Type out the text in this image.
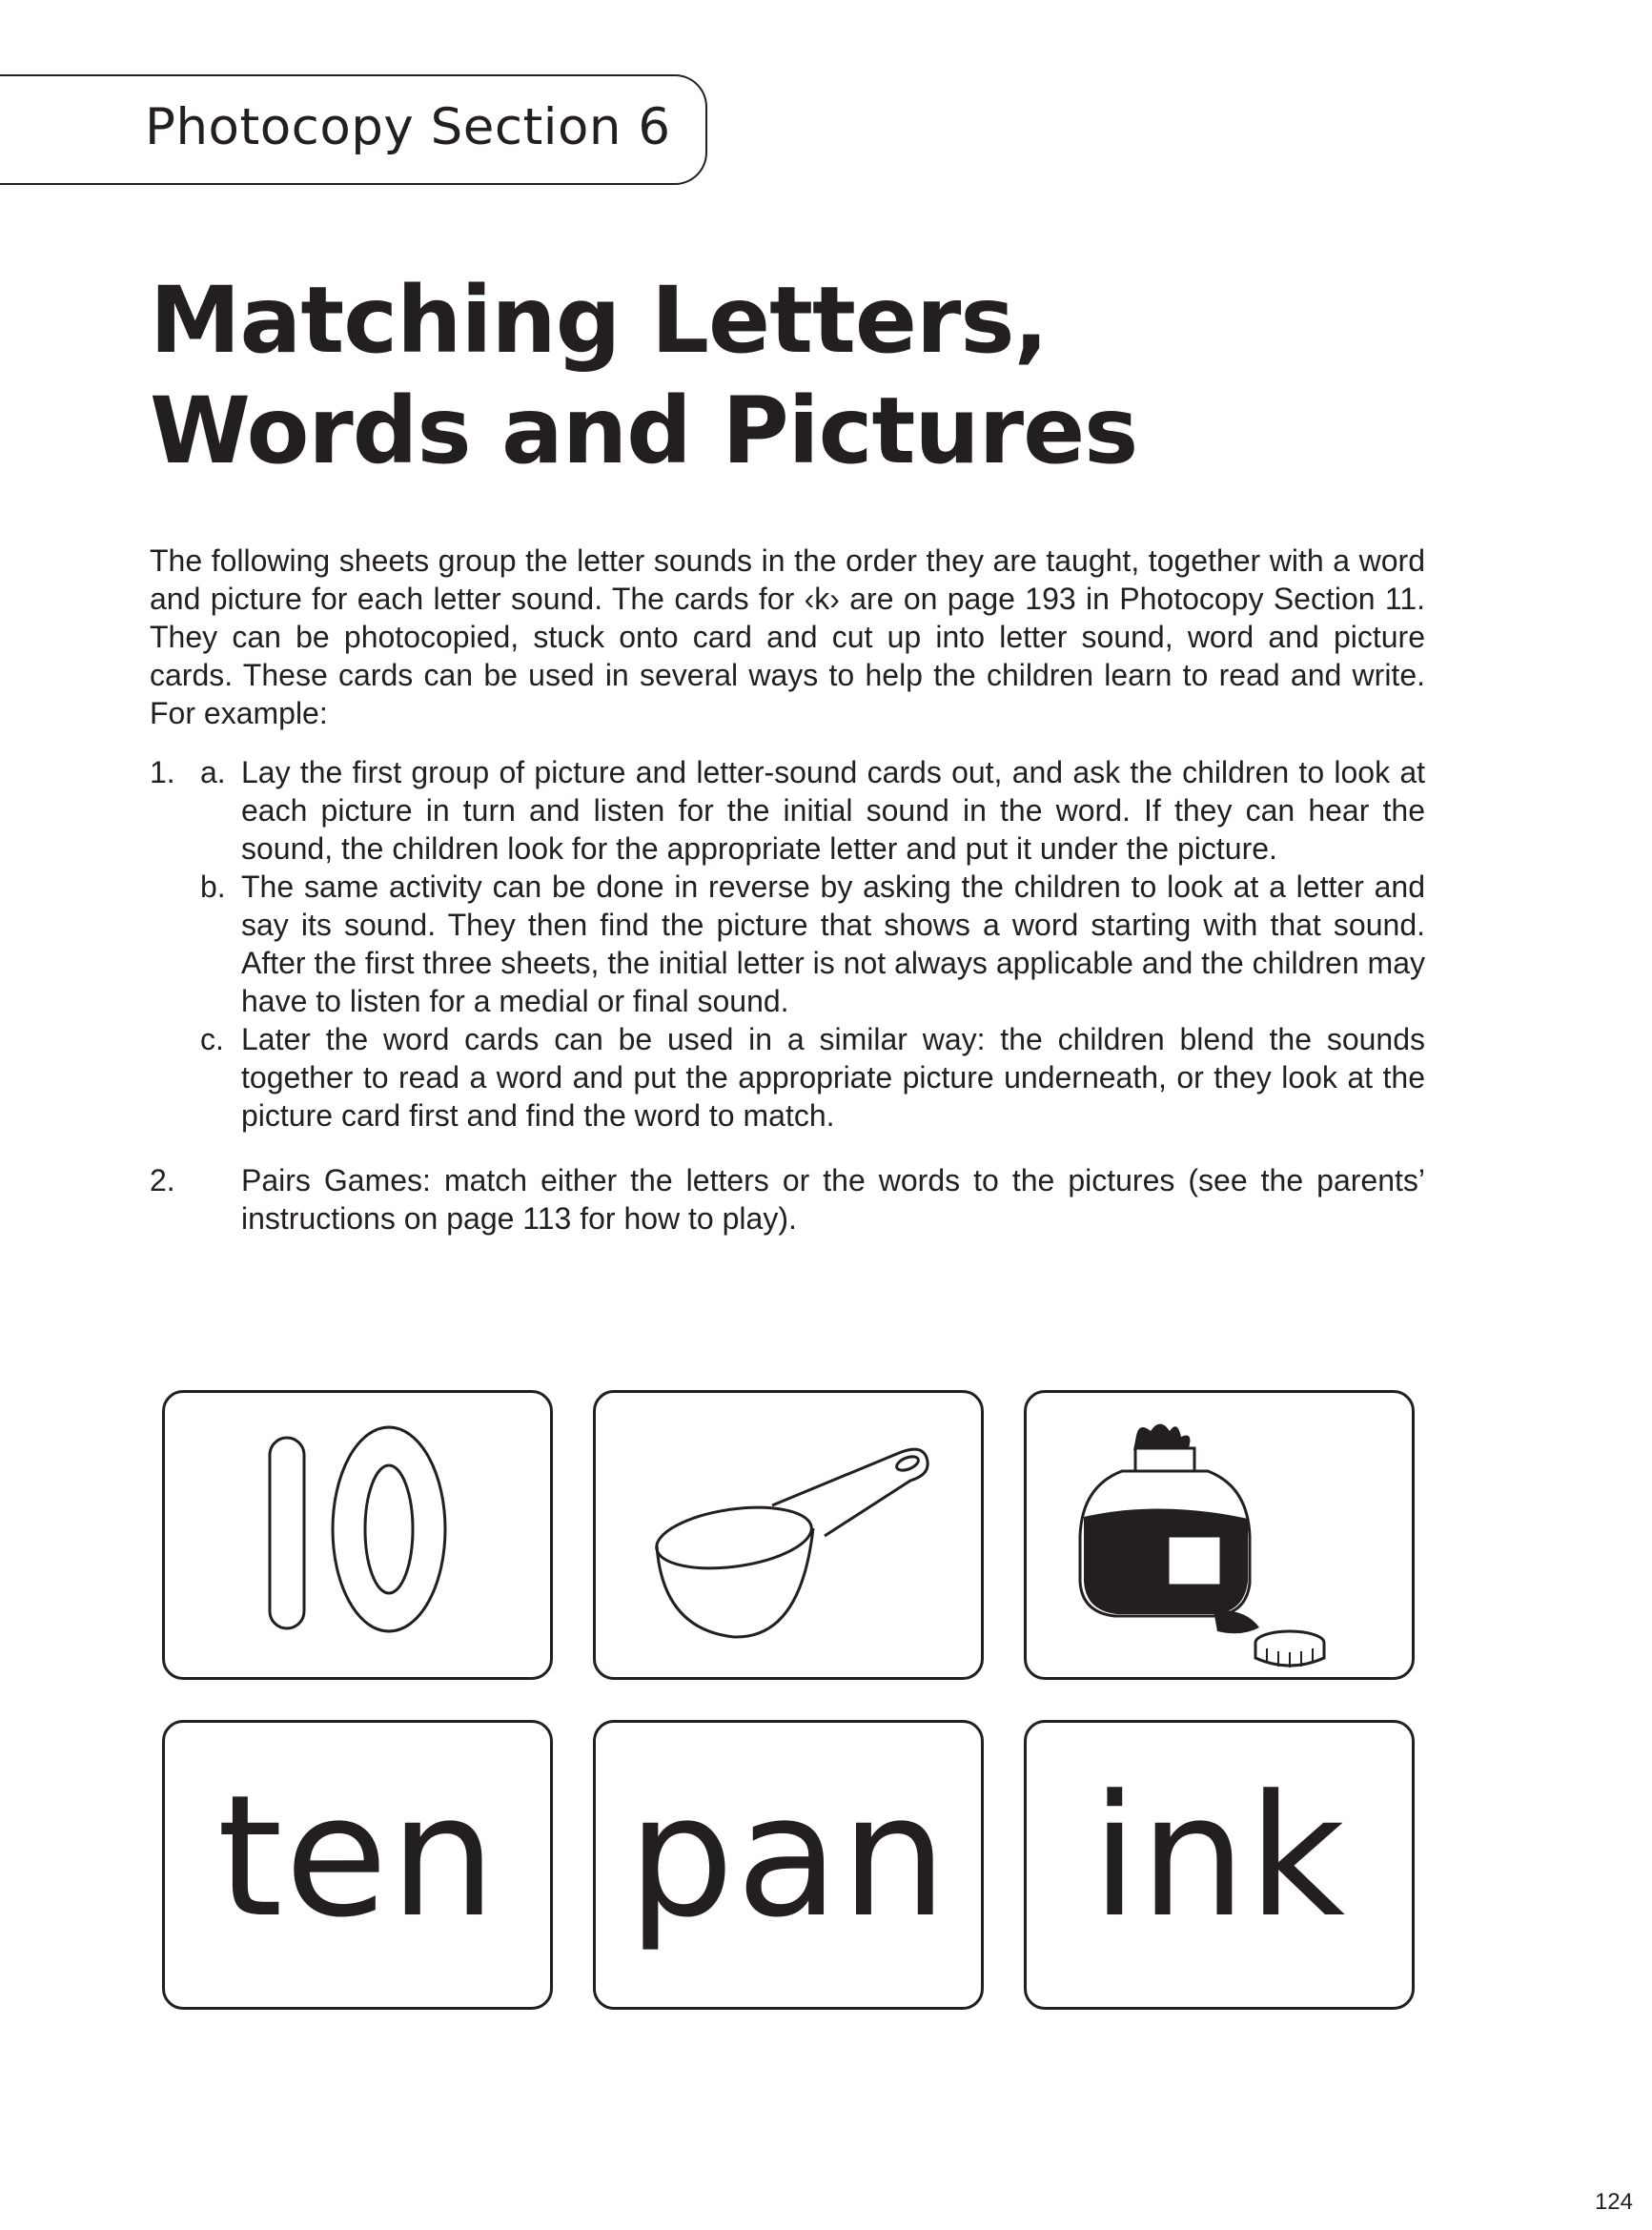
Photocopy Section 6
Matching Letters,
Words and Pictures

The following sheets group the letter sounds in the order they are taught, together with a word and picture for each letter sound. The cards for ‹k› are on page 193 in Photocopy Section 11. They can be photocopied, stuck onto card and cut up into letter sound, word and picture cards. These cards can be used in several ways to help the children learn to read and write. For example:

1. a. Lay the first group of picture and letter-sound cards out, and ask the children to look at each picture in turn and listen for the initial sound in the word. If they can hear the sound, the children look for the appropriate letter and put it under the picture.
b. The same activity can be done in reverse by asking the children to look at a letter and say its sound. They then find the picture that shows a word starting with that sound. After the first three sheets, the initial letter is not always applicable and the children may have to listen for a medial or final sound.
c. Later the word cards can be used in a similar way: the children blend the sounds together to read a word and put the appropriate picture underneath, or they look at the picture card first and find the word to match.
2.	Pairs Games: match either the letters or the words to the pictures (see the parents’ instructions on page 113 for how to play).
ten pan ink
124
